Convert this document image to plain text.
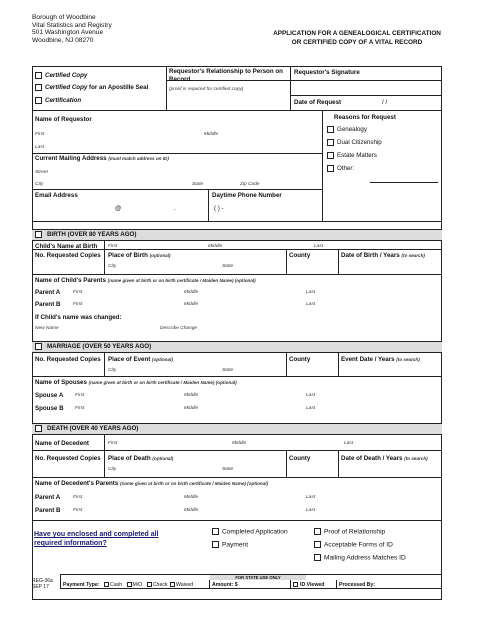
Borough of Woodbine
Vital Statistics and Registry
501 Washington Avenue
Woodbine, NJ 08270
APPLICATION FOR A GENEALOGICAL CERTIFICATION
OR CERTIFIED COPY OF A VITAL RECORD
Certified Copy
Certified Copy for an Apostille Seal
Certification
Requestor's Relationship to Person on Record
(proof is required for certified copy)
Requestor's Signature
Date of Request	/ /
Name of Requestor
First	Middle
Last
Current Mailing Address (must match address on ID)
Street
City	State	Zip Code
Email Address
@	.
Daytime Phone Number
( ) -
Reasons for Request
Genealogy
Dual Citizenship
Estate Matters
Other:
BIRTH (OVER 80 YEARS AGO)
Child's Name at Birth First	Middle	Last
No. Requested Copies Place of Birth (optional)	County	Date of Birth / Years (to search)
City	State
Name of Child's Parents (name given at birth or on birth certificate / Maiden Name) (optional)
Parent A	First	Middle	Last
Parent B	First	Middle	Last
If Child's name was changed:
New Name	Describe Change
MARRIAGE (OVER 50 YEARS AGO)
No. Requested Copies Place of Event (optional)	County	Event Date / Years (to search)
City	State
Name of Spouses (name given at birth or on birth certificate / Maiden Name) (optional)
Spouse A First	Middle	Last
Spouse B First	Middle	Last
DEATH (OVER 40 YEARS AGO)
Name of Decedent	First	Middle	Last
No. Requested Copies Place of Death (optional)	County	Date of Death / Years (to search)
City	State
Name of Decedent's Parents (name given at birth or on birth certificate / Maiden Name) (optional)
Parent A	First	Middle	Last
Parent B	First	Middle	Last
Have you enclosed and completed all
required information?
Completed Application
Payment
Proof of Relationship
Acceptable Forms of ID
Mailing Address Matches ID
REG-36a
SEP 17
FOR STATE USE ONLY
Payment Type: Cash M/O Check Waived	Amount: $	ID Viewed	Processed By:
